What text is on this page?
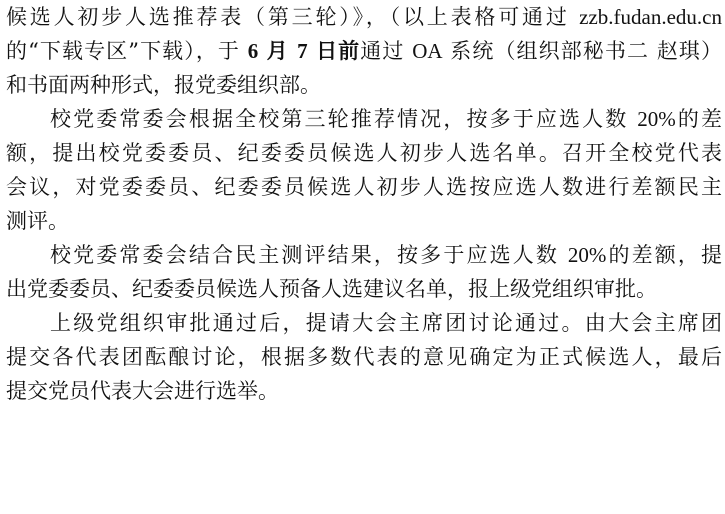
候选人初步人选推荐表（第三轮）》，（以上表格可通过 zzb.fudan.edu.cn
的“下载专区”下载），于 6 月 7 日前通过 OA 系统（组织部秘书二 赵琪）
和书面两种形式，报党委组织部。
校党委常委会根据全校第三轮推荐情况，按多于应选人数 20%的差
额，提出校党委委员、纪委委员候选人初步人选名单。召开全校党代表
会议，对党委委员、纪委委员候选人初步人选按应选人数进行差额民主
测评。
校党委常委会结合民主测评结果，按多于应选人数 20%的差额，提
出党委委员、纪委委员候选人预备人选建议名单，报上级党组织审批。
上级党组织审批通过后，提请大会主席团讨论通过。由大会主席团
提交各代表团酝酿讨论，根据多数代表的意见确定为正式候选人，最后
提交党员代表大会进行选举。
